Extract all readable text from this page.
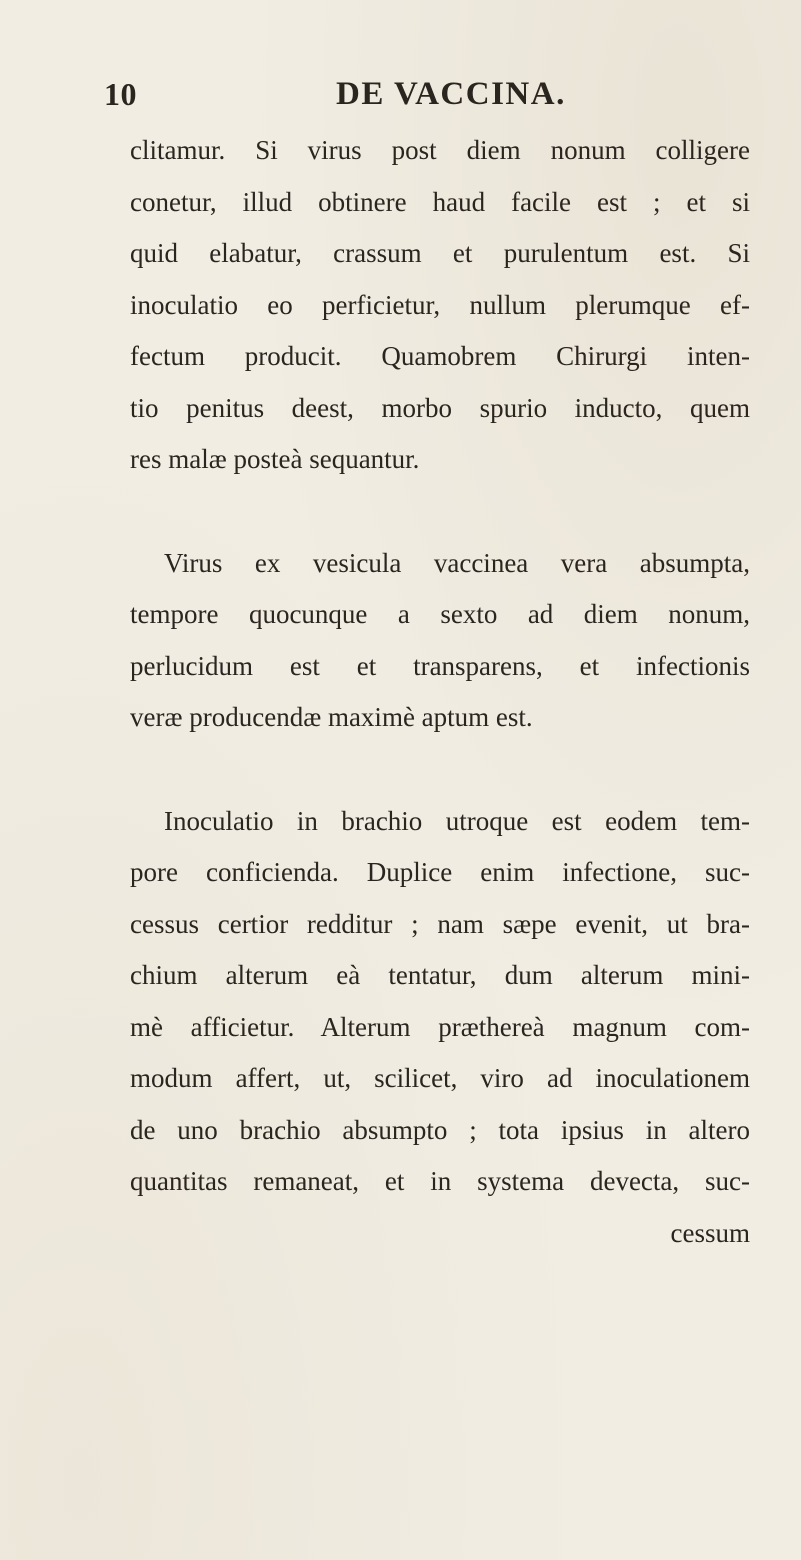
10	DE VACCINA.
clitamur. Si virus post diem nonum colligere
conetur, illud obtinere haud facile est ; et si
quid elabatur, crassum et purulentum est. Si
inoculatio eo perficietur, nullum plerumque ef-
fectum producit. Quamobrem Chirurgi inten-
tio penitus deest, morbo spurio inducto, quem
res malæ posteà sequantur.
Virus ex vesicula vaccinea vera absumpta,
tempore quocunque a sexto ad diem nonum,
perlucidum est et transparens, et infectionis
veræ producendæ maximè aptum est.
Inoculatio in brachio utroque est eodem tem-
pore conficienda. Duplice enim infectione, suc-
cessus certior redditur ; nam sæpe evenit, ut bra-
chium alterum eà tentatur, dum alterum mini-
mè afficietur. Alterum præthereà magnum com-
modum affert, ut, scilicet, viro ad inoculationem
de uno brachio absumpto ; tota ipsius in altero
quantitas remaneat, et in systema devecta, suc-
cessum
